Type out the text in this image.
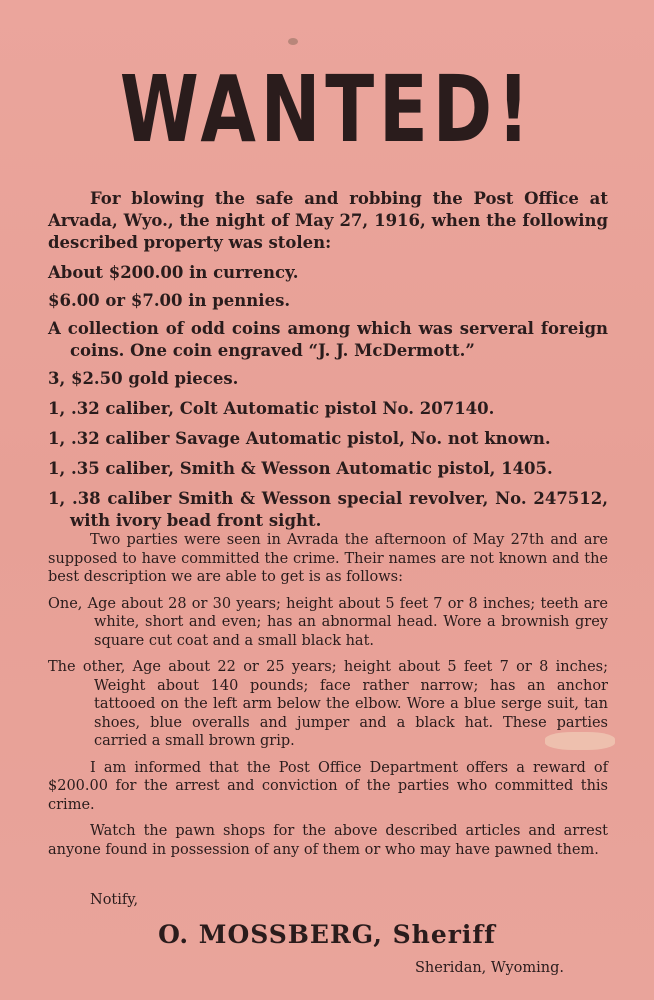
WANTED!

For blowing the safe and robbing the Post Office at Arvada, Wyo., the night of May 27, 1916, when the following described property was stolen:

About $200.00 in currency.

$6.00 or $7.00 in pennies.

A collection of odd coins among which was serveral foreign coins. One coin engraved “J. J. McDermott.”

3, $2.50 gold pieces.

1, .32 caliber, Colt Automatic pistol No. 207140.

1, .32 caliber Savage Automatic pistol, No. not known.

1, .35 caliber, Smith & Wesson Automatic pistol, 1405.

1, .38 caliber Smith & Wesson special revolver, No. 247512, with ivory bead front sight.

Two parties were seen in Avrada the afternoon of May 27th and are supposed to have committed the crime. Their names are not known and the best description we are able to get is as follows:

One, Age about 28 or 30 years; height about 5 feet 7 or 8 inches; teeth are white, short and even; has an abnormal head. Wore a brownish grey square cut coat and a small black hat.

The other, Age about 22 or 25 years; height about 5 feet 7 or 8 inches; Weight about 140 pounds; face rather narrow; has an anchor tattooed on the left arm below the elbow. Wore a blue serge suit, tan shoes, blue overalls and jumper and a black hat. These parties carried a small brown grip.

I am informed that the Post Office Department offers a reward of $200.00 for the arrest and conviction of the parties who committed this crime.

Watch the pawn shops for the above described articles and arrest anyone found in possession of any of them or who may have pawned them.

Notify,
O. MOSSBERG, Sheriff
Sheridan, Wyoming.
